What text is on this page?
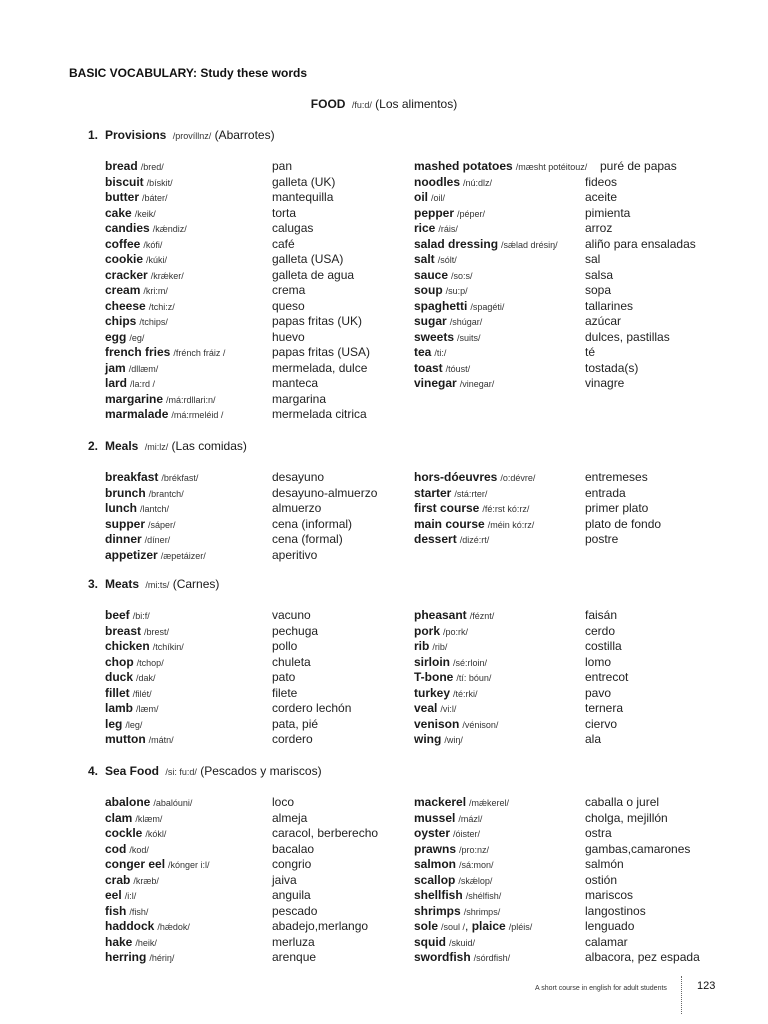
BASIC VOCABULARY: Study these words
FOOD /fu:d/ (Los alimentos)
1. Provisions /províllnz/ (Abarrotes)
bread /bred/	pan	mashed potatoes /mæsht potéitouz/ puré de papas
biscuit /bískit/	galleta (UK)	noodles /nú:dlz/	fideos
butter /báter/	mantequilla	oil /oil/	aceite
cake /keik/	torta	pepper /péper/	pimienta
candies /kǽndiz/	calugas	rice /ráis/	arroz
coffee /kófi/	café	salad dressing /sǽlad drésiŋ/ aliño para ensaladas
cookie /kúki/	galleta (USA)	salt /sólt/	sal
cracker /krǽker/	galleta de agua	sauce /so:s/	salsa
cream /kri:m/	crema	soup /su:p/	sopa
cheese /tchi:z/	queso	spaghetti /spagéti/	tallarines
chips /tchips/	papas fritas (UK)	sugar /shúgar/	azúcar
egg /eg/	huevo	sweets /suits/	dulces, pastillas
french fries /frénch fráiz /	papas fritas (USA)	tea /ti:/	té
jam /dllæm/	mermelada, dulce	toast /tóust/	tostada(s)
lard /la:rd /	manteca	vinegar /vinegar/	vinagre
margarine /má:rdllari:n/	margarina
marmalade /má:rmeléid /	mermelada citrica
2. Meals /mi:lz/ (Las comidas)
breakfast /brékfast/	desayuno	hors-dóeuvres /o:dévre/	entremeses
brunch /brantch/	desayuno-almuerzo	starter /stá:rter/	entrada
lunch /lantch/	almuerzo	first course /fé:rst kó:rz/	primer plato
supper /sáper/	cena (informal)	main course /méin kó:rz/	plato de fondo
dinner /díner/	cena (formal)	dessert /dizé:rt/	postre
appetizer /æpetáizer/	aperitivo
3. Meats /mi:ts/ (Carnes)
beef /bi:f/	vacuno	pheasant /féznt/	faisán
breast /brest/	pechuga	pork /po:rk/	cerdo
chicken /tchíkin/	pollo	rib /rib/	costilla
chop /tchop/	chuleta	sirloin /sé:rloin/	lomo
duck /dak/	pato	T-bone /tí: bóun/	entrecot
fillet /filét/	filete	turkey /té:rki/	pavo
lamb /læm/	cordero lechón	veal /vi:l/	ternera
leg /leg/	pata, pié	venison /vénison/	ciervo
mutton /mátn/	cordero	wing /wiŋ/	ala
4. Sea Food /si: fu:d/ (Pescados y mariscos)
abalone /abalóuni/	loco	mackerel /mǽkerel/	caballa o jurel
clam /klæm/	almeja	mussel /mázl/	cholga, mejillón
cockle /kókl/	caracol, berberecho	oyster /óister/	ostra
cod /kod/	bacalao	prawns /pro:nz/	gambas,camarones
conger eel /kónger i:l/	congrio	salmon /sá:mon/	salmón
crab /kræb/	jaiva	scallop /skǽlop/	ostión
eel /i:l/	anguila	shellfish /shélfish/	mariscos
fish /fish/	pescado	shrimps /shrimps/	langostinos
haddock /hǽdok/	abadejo,merlango	sole /soul /, plaice /pléis/	lenguado
hake /heik/	merluza	squid /skuid/	calamar
herring /hériŋ/	arenque	swordfish /sórdfish/	albacora, pez espada
A short course in english for adult students	123
